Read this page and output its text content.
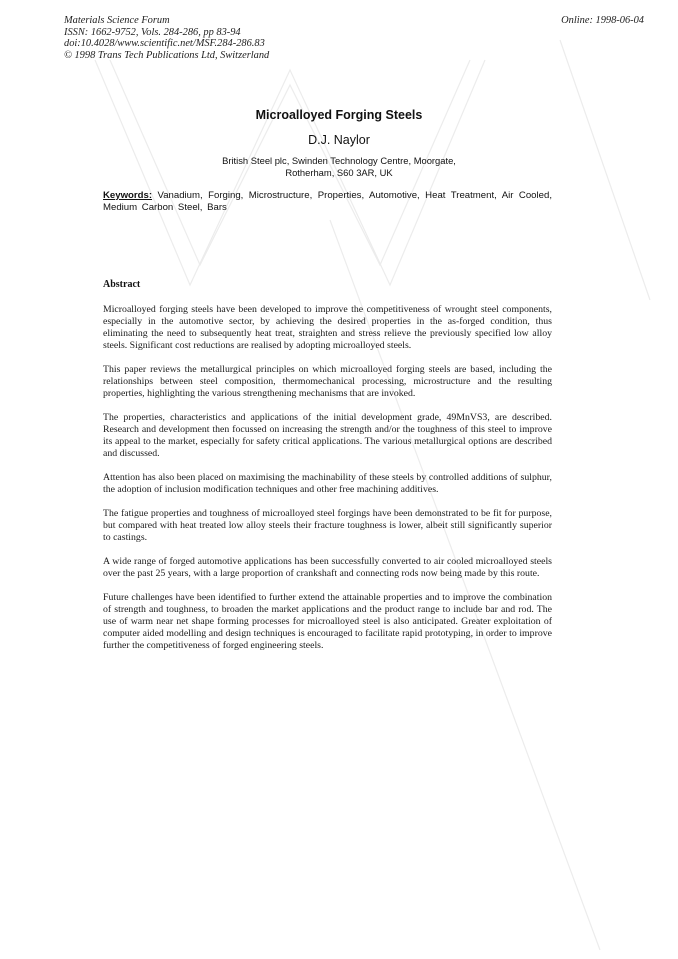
Materials Science Forum
ISSN: 1662-9752, Vols. 284-286, pp 83-94
doi:10.4028/www.scientific.net/MSF.284-286.83
© 1998 Trans Tech Publications Ltd, Switzerland
Online: 1998-06-04
Microalloyed Forging Steels
D.J. Naylor
British Steel plc, Swinden Technology Centre, Moorgate,
Rotherham, S60 3AR, UK
Keywords: Vanadium, Forging, Microstructure, Properties, Automotive, Heat Treatment, Air Cooled, Medium Carbon Steel, Bars
Abstract

Microalloyed forging steels have been developed to improve the competitiveness of wrought steel components, especially in the automotive sector, by achieving the desired properties in the as-forged condition, thus eliminating the need to subsequently heat treat, straighten and stress relieve the previously specified low alloy steels. Significant cost reductions are realised by adopting microalloyed steels.

This paper reviews the metallurgical principles on which microalloyed forging steels are based, including the relationships between steel composition, thermomechanical processing, microstructure and the resulting properties, highlighting the various strengthening mechanisms that are invoked.

The properties, characteristics and applications of the initial development grade, 49MnVS3, are described. Research and development then focussed on increasing the strength and/or the toughness of this steel to improve its appeal to the market, especially for safety critical applications. The various metallurgical options are described and discussed.

Attention has also been placed on maximising the machinability of these steels by controlled additions of sulphur, the adoption of inclusion modification techniques and other free machining additives.

The fatigue properties and toughness of microalloyed steel forgings have been demonstrated to be fit for purpose, but compared with heat treated low alloy steels their fracture toughness is lower, albeit still significantly superior to castings.

A wide range of forged automotive applications has been successfully converted to air cooled microalloyed steels over the past 25 years, with a large proportion of crankshaft and connecting rods now being made by this route.

Future challenges have been identified to further extend the attainable properties and to improve the combination of strength and toughness, to broaden the market applications and the product range to include bar and rod. The use of warm near net shape forming processes for microalloyed steel is also anticipated. Greater exploitation of computer aided modelling and design techniques is encouraged to facilitate rapid prototyping, in order to improve further the competitiveness of forged engineering steels.
